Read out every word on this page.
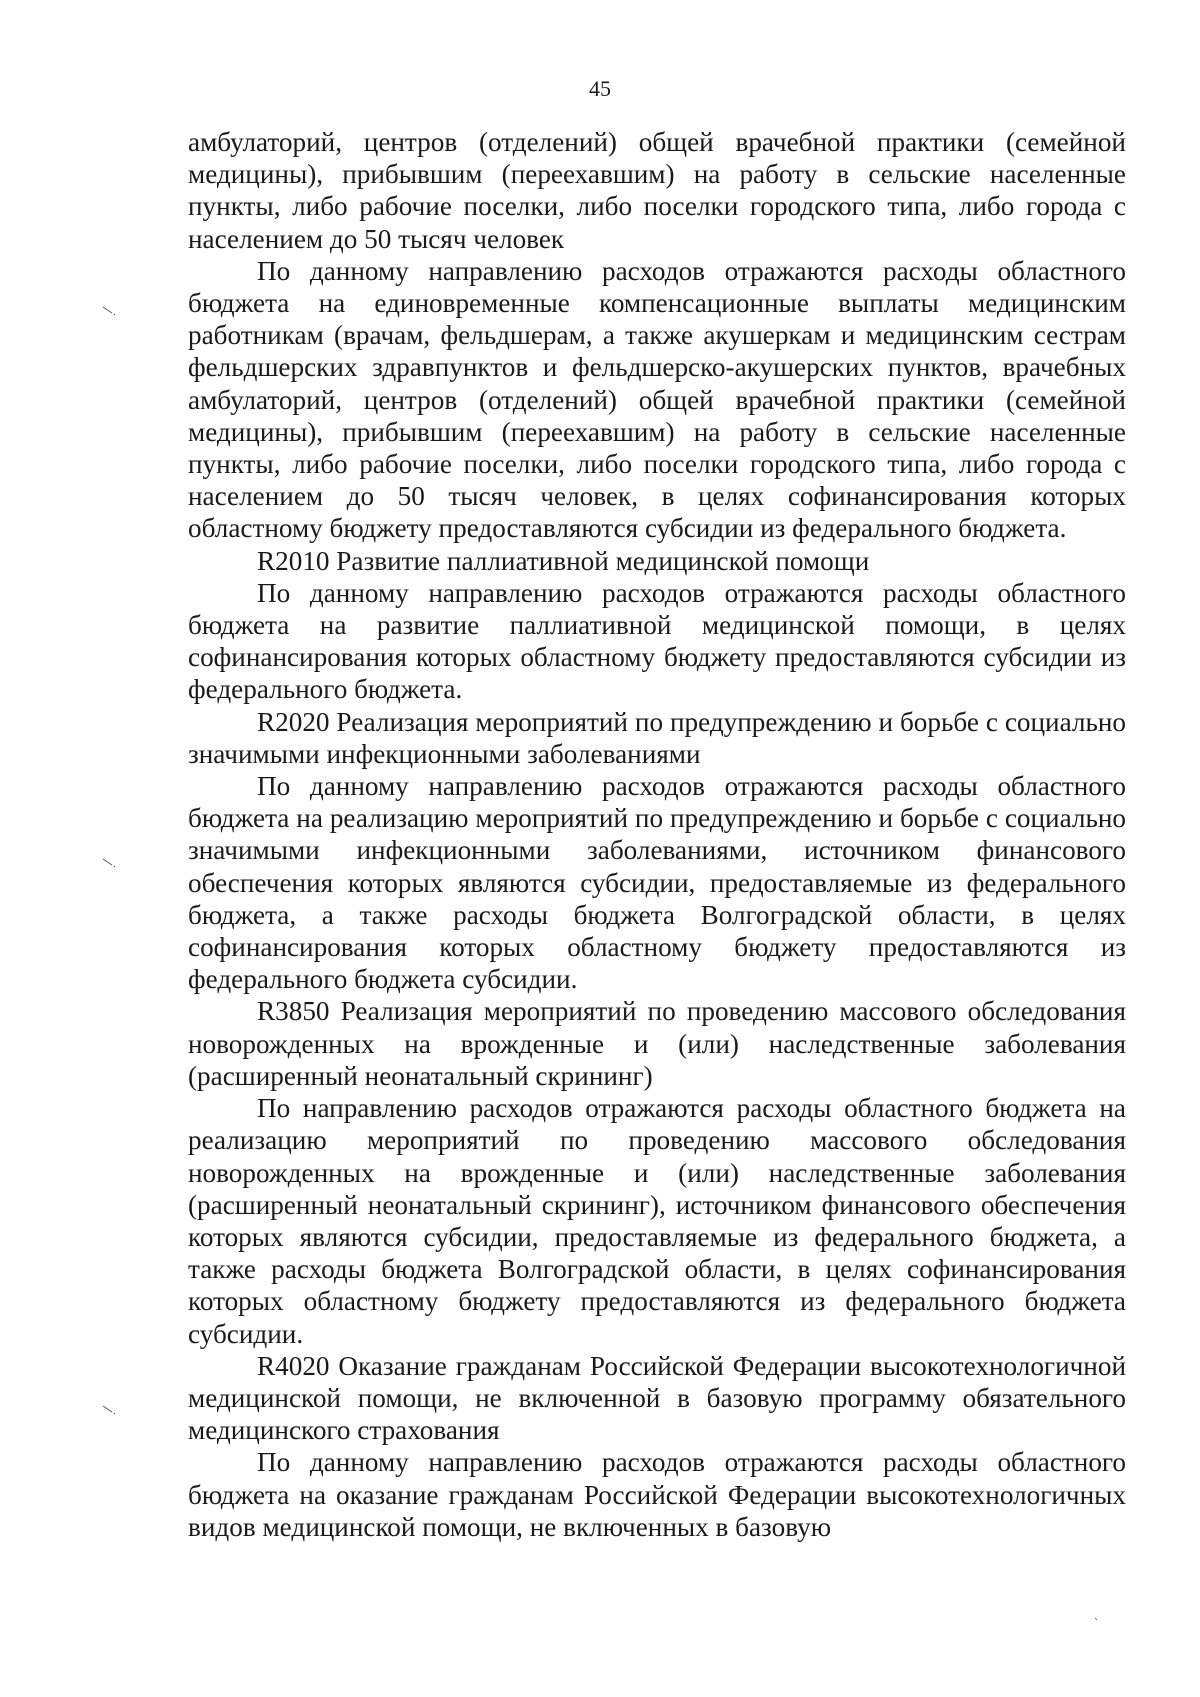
45

амбулаторий, центров (отделений) общей врачебной практики (семейной медицины), прибывшим (переехавшим) на работу в сельские населенные пункты, либо рабочие поселки, либо поселки городского типа, либо города с населением до 50 тысяч человек

По данному направлению расходов отражаются расходы областного бюджета на единовременные компенсационные выплаты медицинским работникам (врачам, фельдшерам, а также акушеркам и медицинским сестрам фельдшерских здравпунктов и фельдшерско-акушерских пунктов, врачебных амбулаторий, центров (отделений) общей врачебной практики (семейной медицины), прибывшим (переехавшим) на работу в сельские населенные пункты, либо рабочие поселки, либо поселки городского типа, либо города с населением до 50 тысяч человек, в целях софинансирования которых областному бюджету предоставляются субсидии из федерального бюджета.

R2010 Развитие паллиативной медицинской помощи

По данному направлению расходов отражаются расходы областного бюджета на развитие паллиативной медицинской помощи, в целях софинансирования которых областному бюджету предоставляются субсидии из федерального бюджета.

R2020 Реализация мероприятий по предупреждению и борьбе с социально значимыми инфекционными заболеваниями

По данному направлению расходов отражаются расходы областного бюджета на реализацию мероприятий по предупреждению и борьбе с социально значимыми инфекционными заболеваниями, источником финансового обеспечения которых являются субсидии, предоставляемые из федерального бюджета, а также расходы бюджета Волгоградской области, в целях софинансирования которых областному бюджету предоставляются из федерального бюджета субсидии.

R3850 Реализация мероприятий по проведению массового обследования новорожденных на врожденные и (или) наследственные заболевания (расширенный неонатальный скрининг)

По направлению расходов отражаются расходы областного бюджета на реализацию мероприятий по проведению массового обследования новорожденных на врожденные и (или) наследственные заболевания (расширенный неонатальный скрининг), источником финансового обеспечения которых являются субсидии, предоставляемые из федерального бюджета, а также расходы бюджета Волгоградской области, в целях софинансирования которых областному бюджету предоставляются из федерального бюджета субсидии.

R4020 Оказание гражданам Российской Федерации высокотехнологичной медицинской помощи, не включенной в базовую программу обязательного медицинского страхования

По данному направлению расходов отражаются расходы областного бюджета на оказание гражданам Российской Федерации высокотехнологичных видов медицинской помощи, не включенных в базовую
